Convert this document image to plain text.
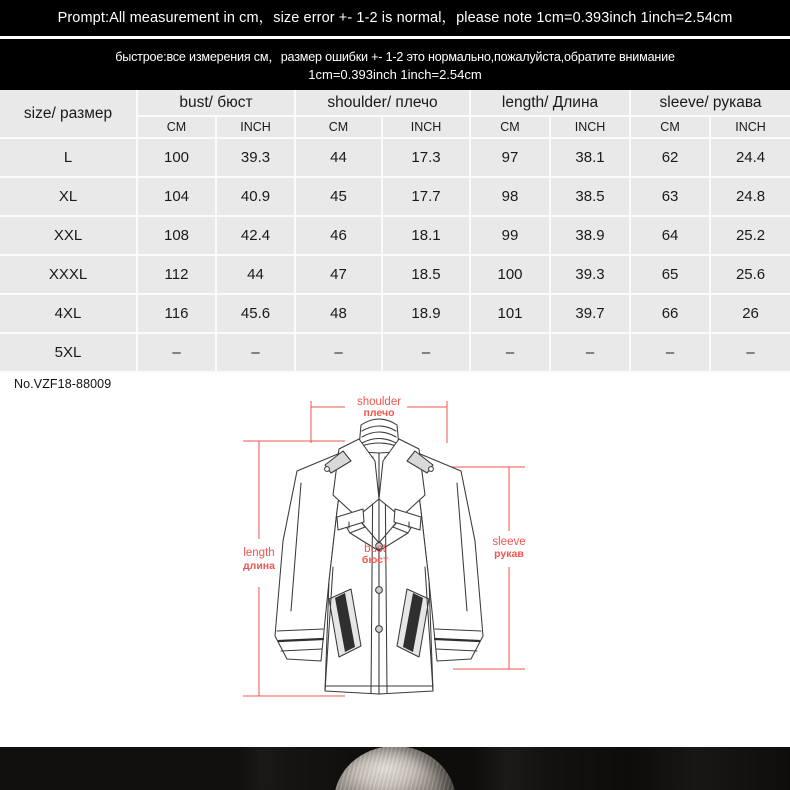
Prompt:All measurement in cm，size error +- 1-2 is normal，please note 1cm=0.393inch 1inch=2.54cm
быстрое:все измерения см，размер ошибки +- 1-2 это нормально,пожалуйста,обратите внимание
1cm=0.393inch 1inch=2.54cm
size/ размер	bust/ бюст		shoulder/ плечо		length/ Длина		sleeve/ рукава	
	CM	INCH	CM	INCH	CM	INCH	CM	INCH
L	100	39.3	44	17.3	97	38.1	62	24.4
XL	104	40.9	45	17.7	98	38.5	63	24.8
XXL	108	42.4	46	18.1	99	38.9	64	25.2
XXXL	112	44	47	18.5	100	39.3	65	25.6
4XL	116	45.6	48	18.9	101	39.7	66	26
5XL	–	–	–	–	–	–	–	–
No.VZF18-88009
shoulder
плечо
length
длина
bust
бюст
sleeve
рукав
